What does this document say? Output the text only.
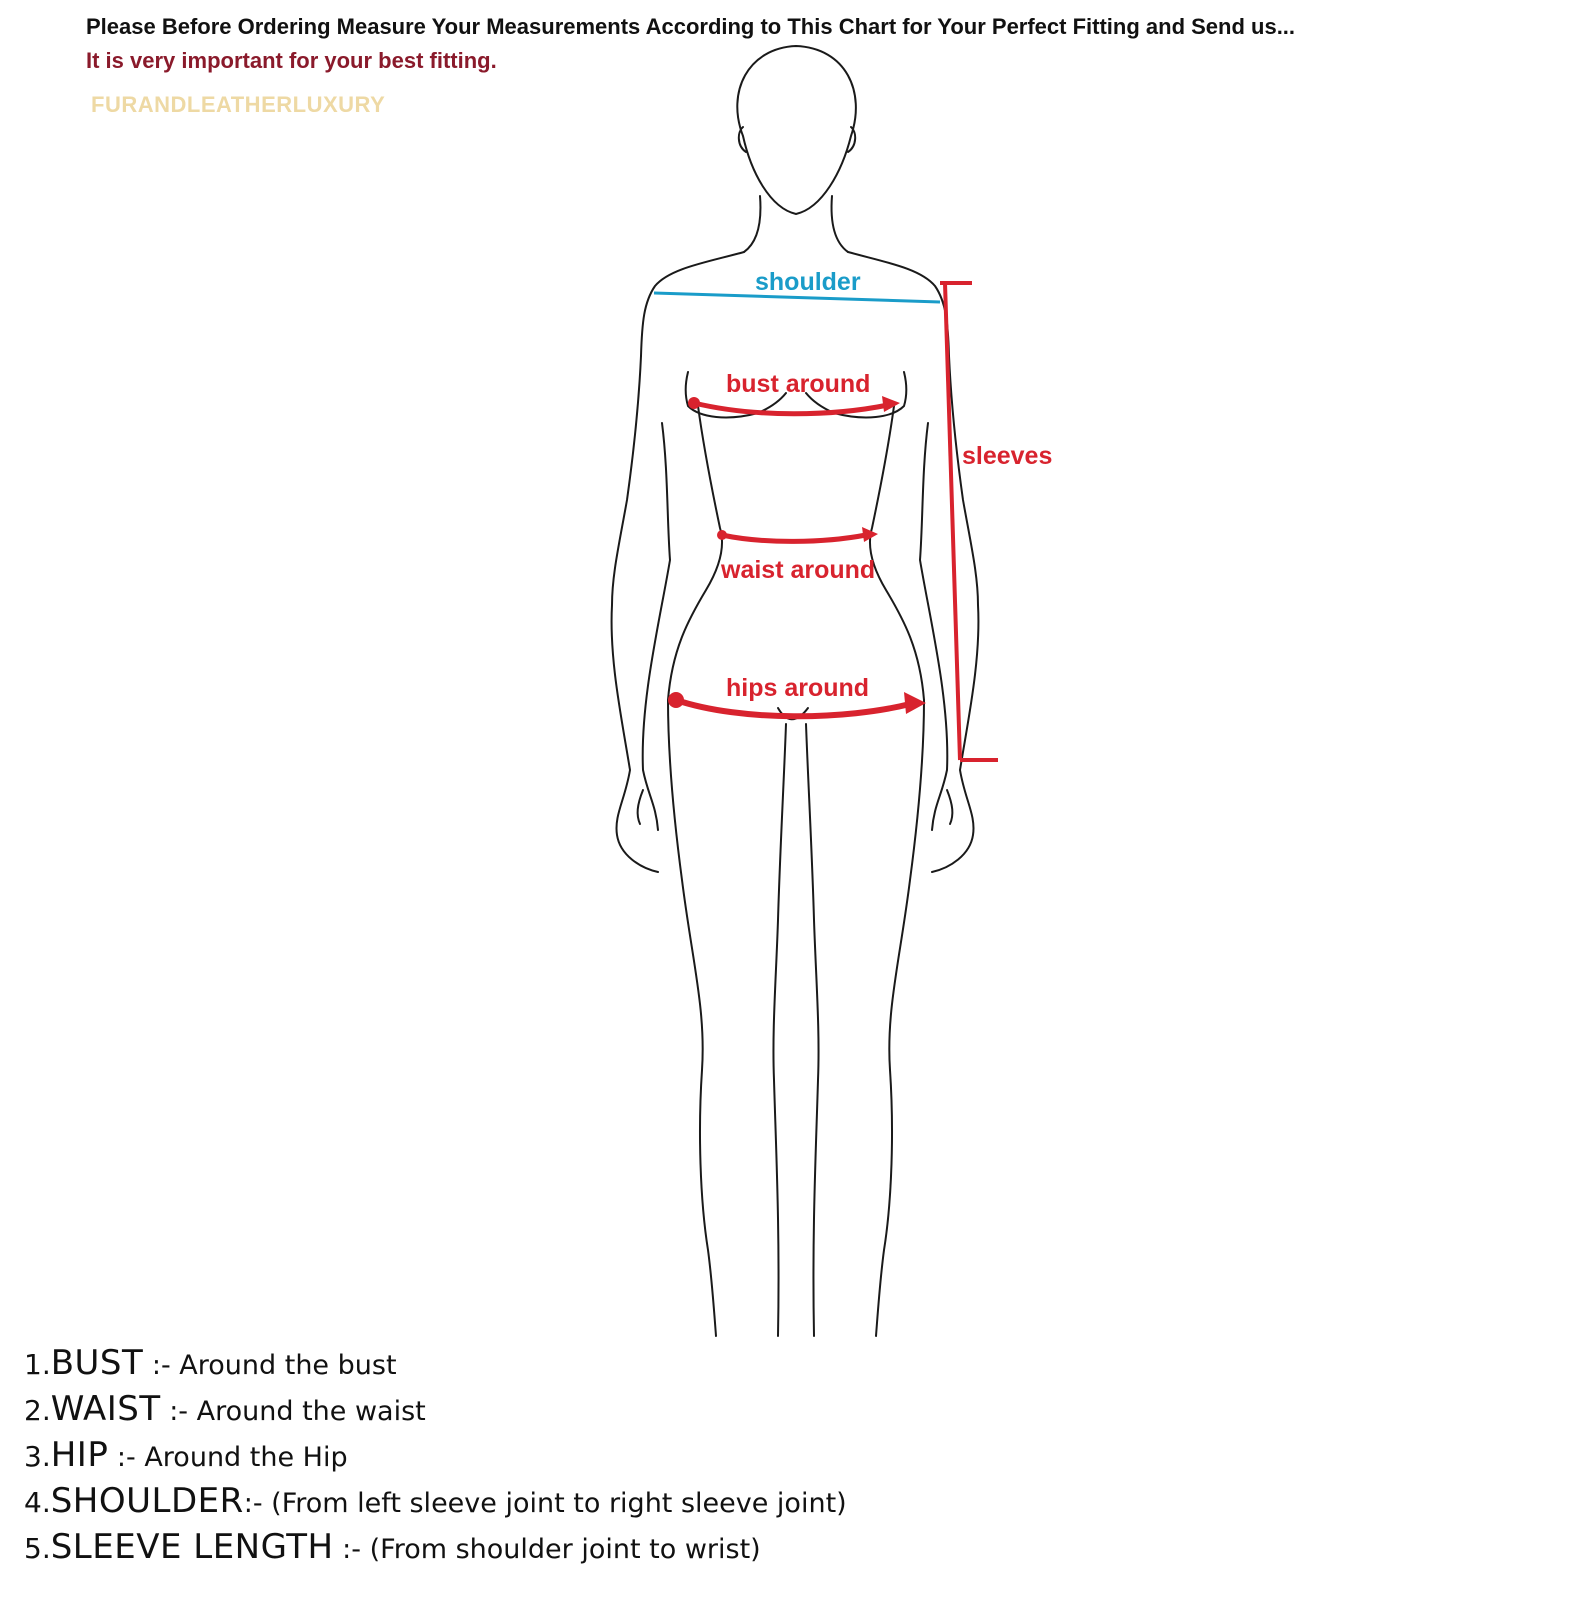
Please Before Ordering Measure Your Measurements According to This Chart for Your Perfect Fitting and Send us...
It is very important for your best fitting.
FURANDLEATHERLUXURY
shoulder
bust around
waist around
hips around
sleeves
1.BUST :- Around the bust
2.WAIST :- Around the waist
3.HIP :- Around the Hip
4.SHOULDER:- (From left sleeve joint to right sleeve joint)
5.SLEEVE LENGTH :- (From shoulder joint to wrist)
